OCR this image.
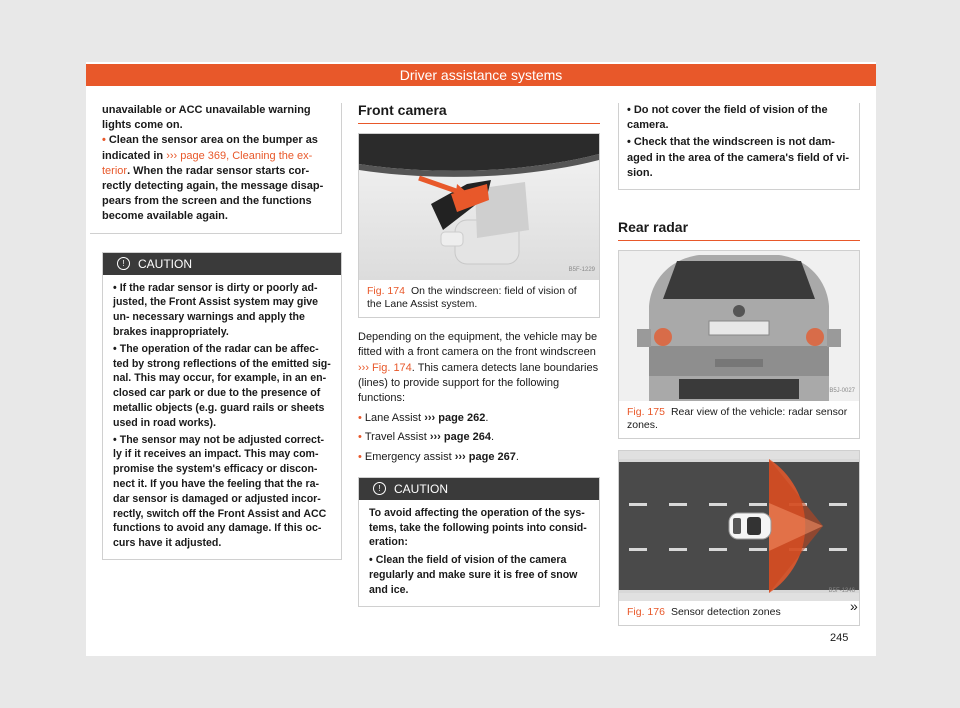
Driver assistance systems
unavailable or ACC unavailable warning
lights come on.
• Clean the sensor area on the bumper as indicated in ››› page 369, Cleaning the ex- terior. When the radar sensor starts cor- rectly detecting again, the message disap- pears from the screen and the functions become available again.
! CAUTION
• If the radar sensor is dirty or poorly ad- justed, the Front Assist system may give un- necessary warnings and apply the brakes inappropriately.
• The operation of the radar can be affec- ted by strong reflections of the emitted sig- nal. This may occur, for example, in an en- closed car park or due to the presence of metallic objects (e.g. guard rails or sheets used in road works).
• The sensor may not be adjusted correct- ly if it receives an impact. This may com- promise the system's efficacy or discon- nect it. If you have the feeling that the ra- dar sensor is damaged or adjusted incor- rectly, switch off the Front Assist and ACC functions to avoid any damage. If this oc- curs have it adjusted.
Front camera
B5F-1229
Fig. 174 On the windscreen: field of vision of the Lane Assist system.
Depending on the equipment, the vehicle may be fitted with a front camera on the front windscreen ››› Fig. 174. This camera detects lane boundaries (lines) to provide support for the following functions:
• Lane Assist ››› page 262.
• Travel Assist ››› page 264.
• Emergency assist ››› page 267.
! CAUTION
To avoid affecting the operation of the sys- tems, take the following points into consid- eration:
• Clean the field of vision of the camera regularly and make sure it is free of snow and ice.
• Do not cover the field of vision of the camera.
• Check that the windscreen is not dam- aged in the area of the camera's field of vi- sion.
Rear radar
B5J-0027
Fig. 175 Rear view of the vehicle: radar sensor zones.
B5F-1346
Fig. 176 Sensor detection zones	»
245
